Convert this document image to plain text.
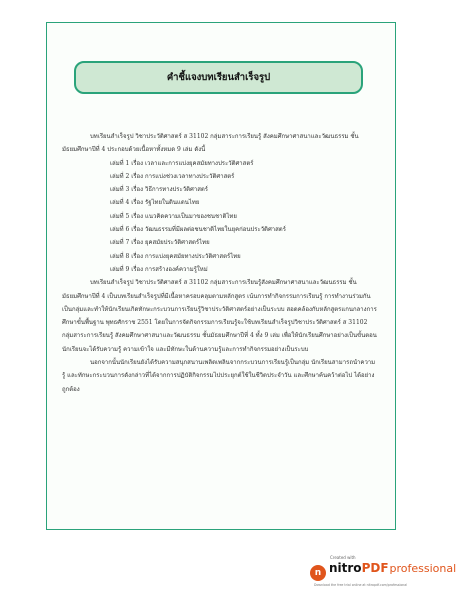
คำชี้แจงบทเรียนสำเร็จรูป

บทเรียนสำเร็จรูป วิชาประวัติศาสตร์ ส 31102 กลุ่มสาระการเรียนรู้ สังคมศึกษาศาสนาและวัฒนธรรม ชั้นมัธยมศึกษาปีที่ 4 ประกอบด้วยเนื้อหาทั้งหมด 9 เล่ม ดังนี้

เล่มที่ 1 เรื่อง เวลาและการแบ่งยุคสมัยทางประวัติศาสตร์
เล่มที่ 2 เรื่อง การแบ่งช่วงเวลาทางประวัติศาสตร์
เล่มที่ 3 เรื่อง วิธีการทางประวัติศาสตร์
เล่มที่ 4 เรื่อง รัฐไทยในดินแดนไทย
เล่มที่ 5 เรื่อง แนวคิดความเป็นมาของชนชาติไทย
เล่มที่ 6 เรื่อง วัฒนธรรมที่มีผลต่อชนชาติไทยในยุคก่อนประวัติศาสตร์
เล่มที่ 7 เรื่อง ยุคสมัยประวัติศาสตร์ไทย
เล่มที่ 8 เรื่อง การแบ่งยุคสมัยทางประวัติศาสตร์ไทย
เล่มที่ 9 เรื่อง การสร้างองค์ความรู้ใหม่

บทเรียนสำเร็จรูป วิชาประวัติศาสตร์ ส 31102 กลุ่มสาระการเรียนรู้สังคมศึกษาศาสนาและวัฒนธรรม ชั้นมัธยมศึกษาปีที่ 4 เป็นบทเรียนสำเร็จรูปที่มีเนื้อหาครอบคลุมตามหลักสูตร เน้นการทำกิจกรรมการเรียนรู้ การทำงานร่วมกันเป็นกลุ่มและทำให้นักเรียนเกิดทักษะกระบวนการเรียนรู้วิชาประวัติศาสตร์อย่างเป็นระบบ สอดคล้องกับหลักสูตรแกนกลางการศึกษาขั้นพื้นฐาน พุทธศักราช 2551 โดยในการจัดกิจกรรมการเรียนรู้จะใช้บทเรียนสำเร็จรูปวิชาประวัติศาสตร์ ส 31102 กลุ่มสาระการเรียนรู้ สังคมศึกษาศาสนาและวัฒนธรรม ชั้นมัธยมศึกษาปีที่ 4 ทั้ง 9 เล่ม เพื่อให้นักเรียนศึกษาอย่างเป็นขั้นตอน นักเรียนจะได้รับความรู้ ความเข้าใจ และมีทักษะในด้านความรู้และการทำกิจกรรมอย่างเป็นระบบ

นอกจากนั้นนักเรียนยังได้รับความสนุกสนานเพลิดเพลินจากกระบวนการเรียนรู้เป็นกลุ่ม นักเรียนสามารถนำความรู้ และทักษะกระบวนการดังกล่าวที่ได้จากการปฏิบัติกิจกรรมไปประยุกต์ใช้ในชีวิตประจำวัน และศึกษาค้นคว้าต่อไป ได้อย่างถูกต้อง

Created with
n nitro PDF professional
Download the free trial online at nitropdf.com/professional
